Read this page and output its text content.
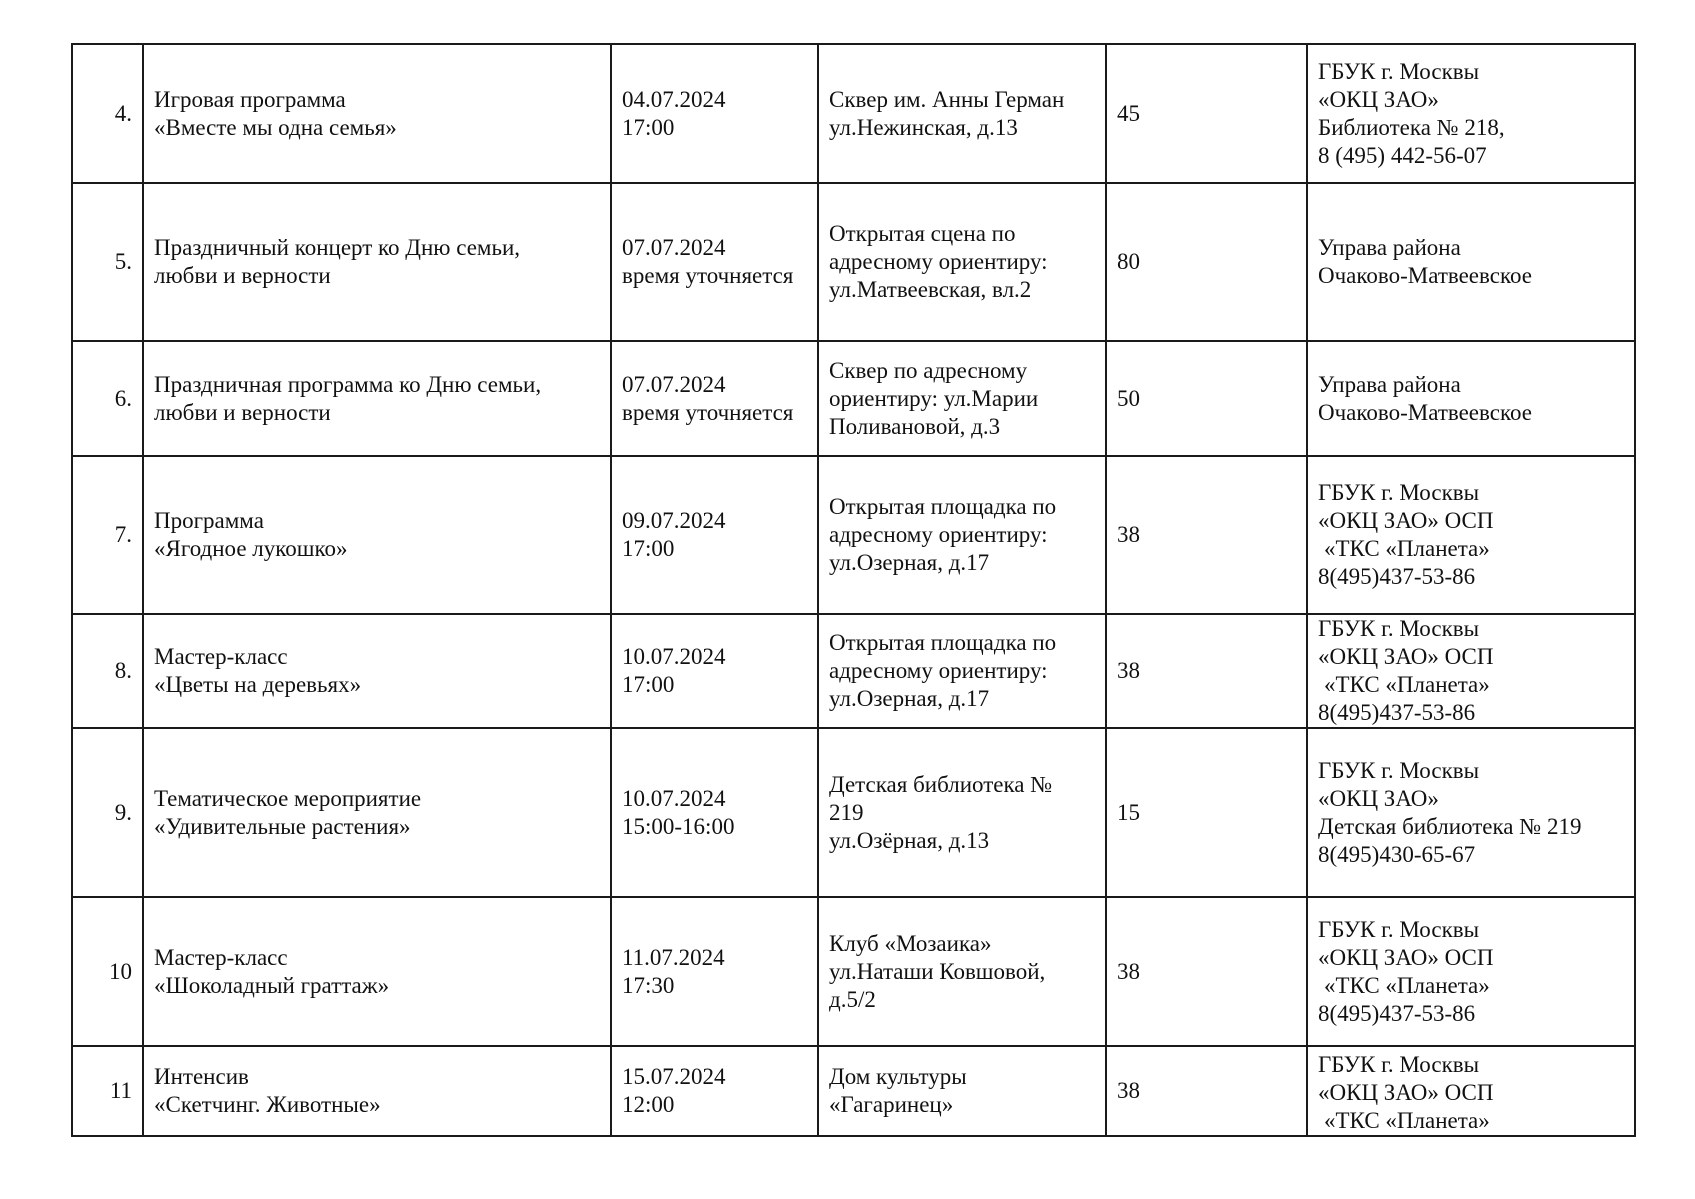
4.	Игровая программа
«Вместе мы одна семья»	04.07.2024
17:00	Сквер им. Анны Герман
ул.Нежинская, д.13	45	ГБУК г. Москвы
«ОКЦ ЗАО»
Библиотека № 218,
8 (495) 442-56-07

5.	Праздничный концерт ко Дню семьи,
любви и верности	07.07.2024
время уточняется	Открытая сцена по
адресному ориентиру:
ул.Матвеевская, вл.2	80	Управа района
Очаково-Матвеевское

6.	Праздничная программа ко Дню семьи,
любви и верности	07.07.2024
время уточняется	Сквер по адресному
ориентиру: ул.Марии
Поливановой, д.3	50	Управа района
Очаково-Матвеевское

7.	Программа
«Ягодное лукошко»	09.07.2024
17:00	Открытая площадка по
адресному ориентиру:
ул.Озерная, д.17	38	ГБУК г. Москвы
«ОКЦ ЗАО» ОСП
«ТКС «Планета»
8(495)437-53-86

8.	Мастер-класс
«Цветы на деревьях»	10.07.2024
17:00	Открытая площадка по
адресному ориентиру:
ул.Озерная, д.17	38	ГБУК г. Москвы
«ОКЦ ЗАО» ОСП
«ТКС «Планета»
8(495)437-53-86

9.	Тематическое мероприятие
«Удивительные растения»	10.07.2024
15:00-16:00	Детская библиотека №
219
ул.Озёрная, д.13	15	ГБУК г. Москвы
«ОКЦ ЗАО»
Детская библиотека № 219
8(495)430-65-67

10	Мастер-класс
«Шоколадный граттаж»	11.07.2024
17:30	Клуб «Мозаика»
ул.Наташи Ковшовой,
д.5/2	38	ГБУК г. Москвы
«ОКЦ ЗАО» ОСП
«ТКС «Планета»
8(495)437-53-86

11	Интенсив
«Скетчинг. Животные»	15.07.2024
12:00	Дом культуры
«Гагаринец»	38	ГБУК г. Москвы
«ОКЦ ЗАО» ОСП
«ТКС «Планета»
